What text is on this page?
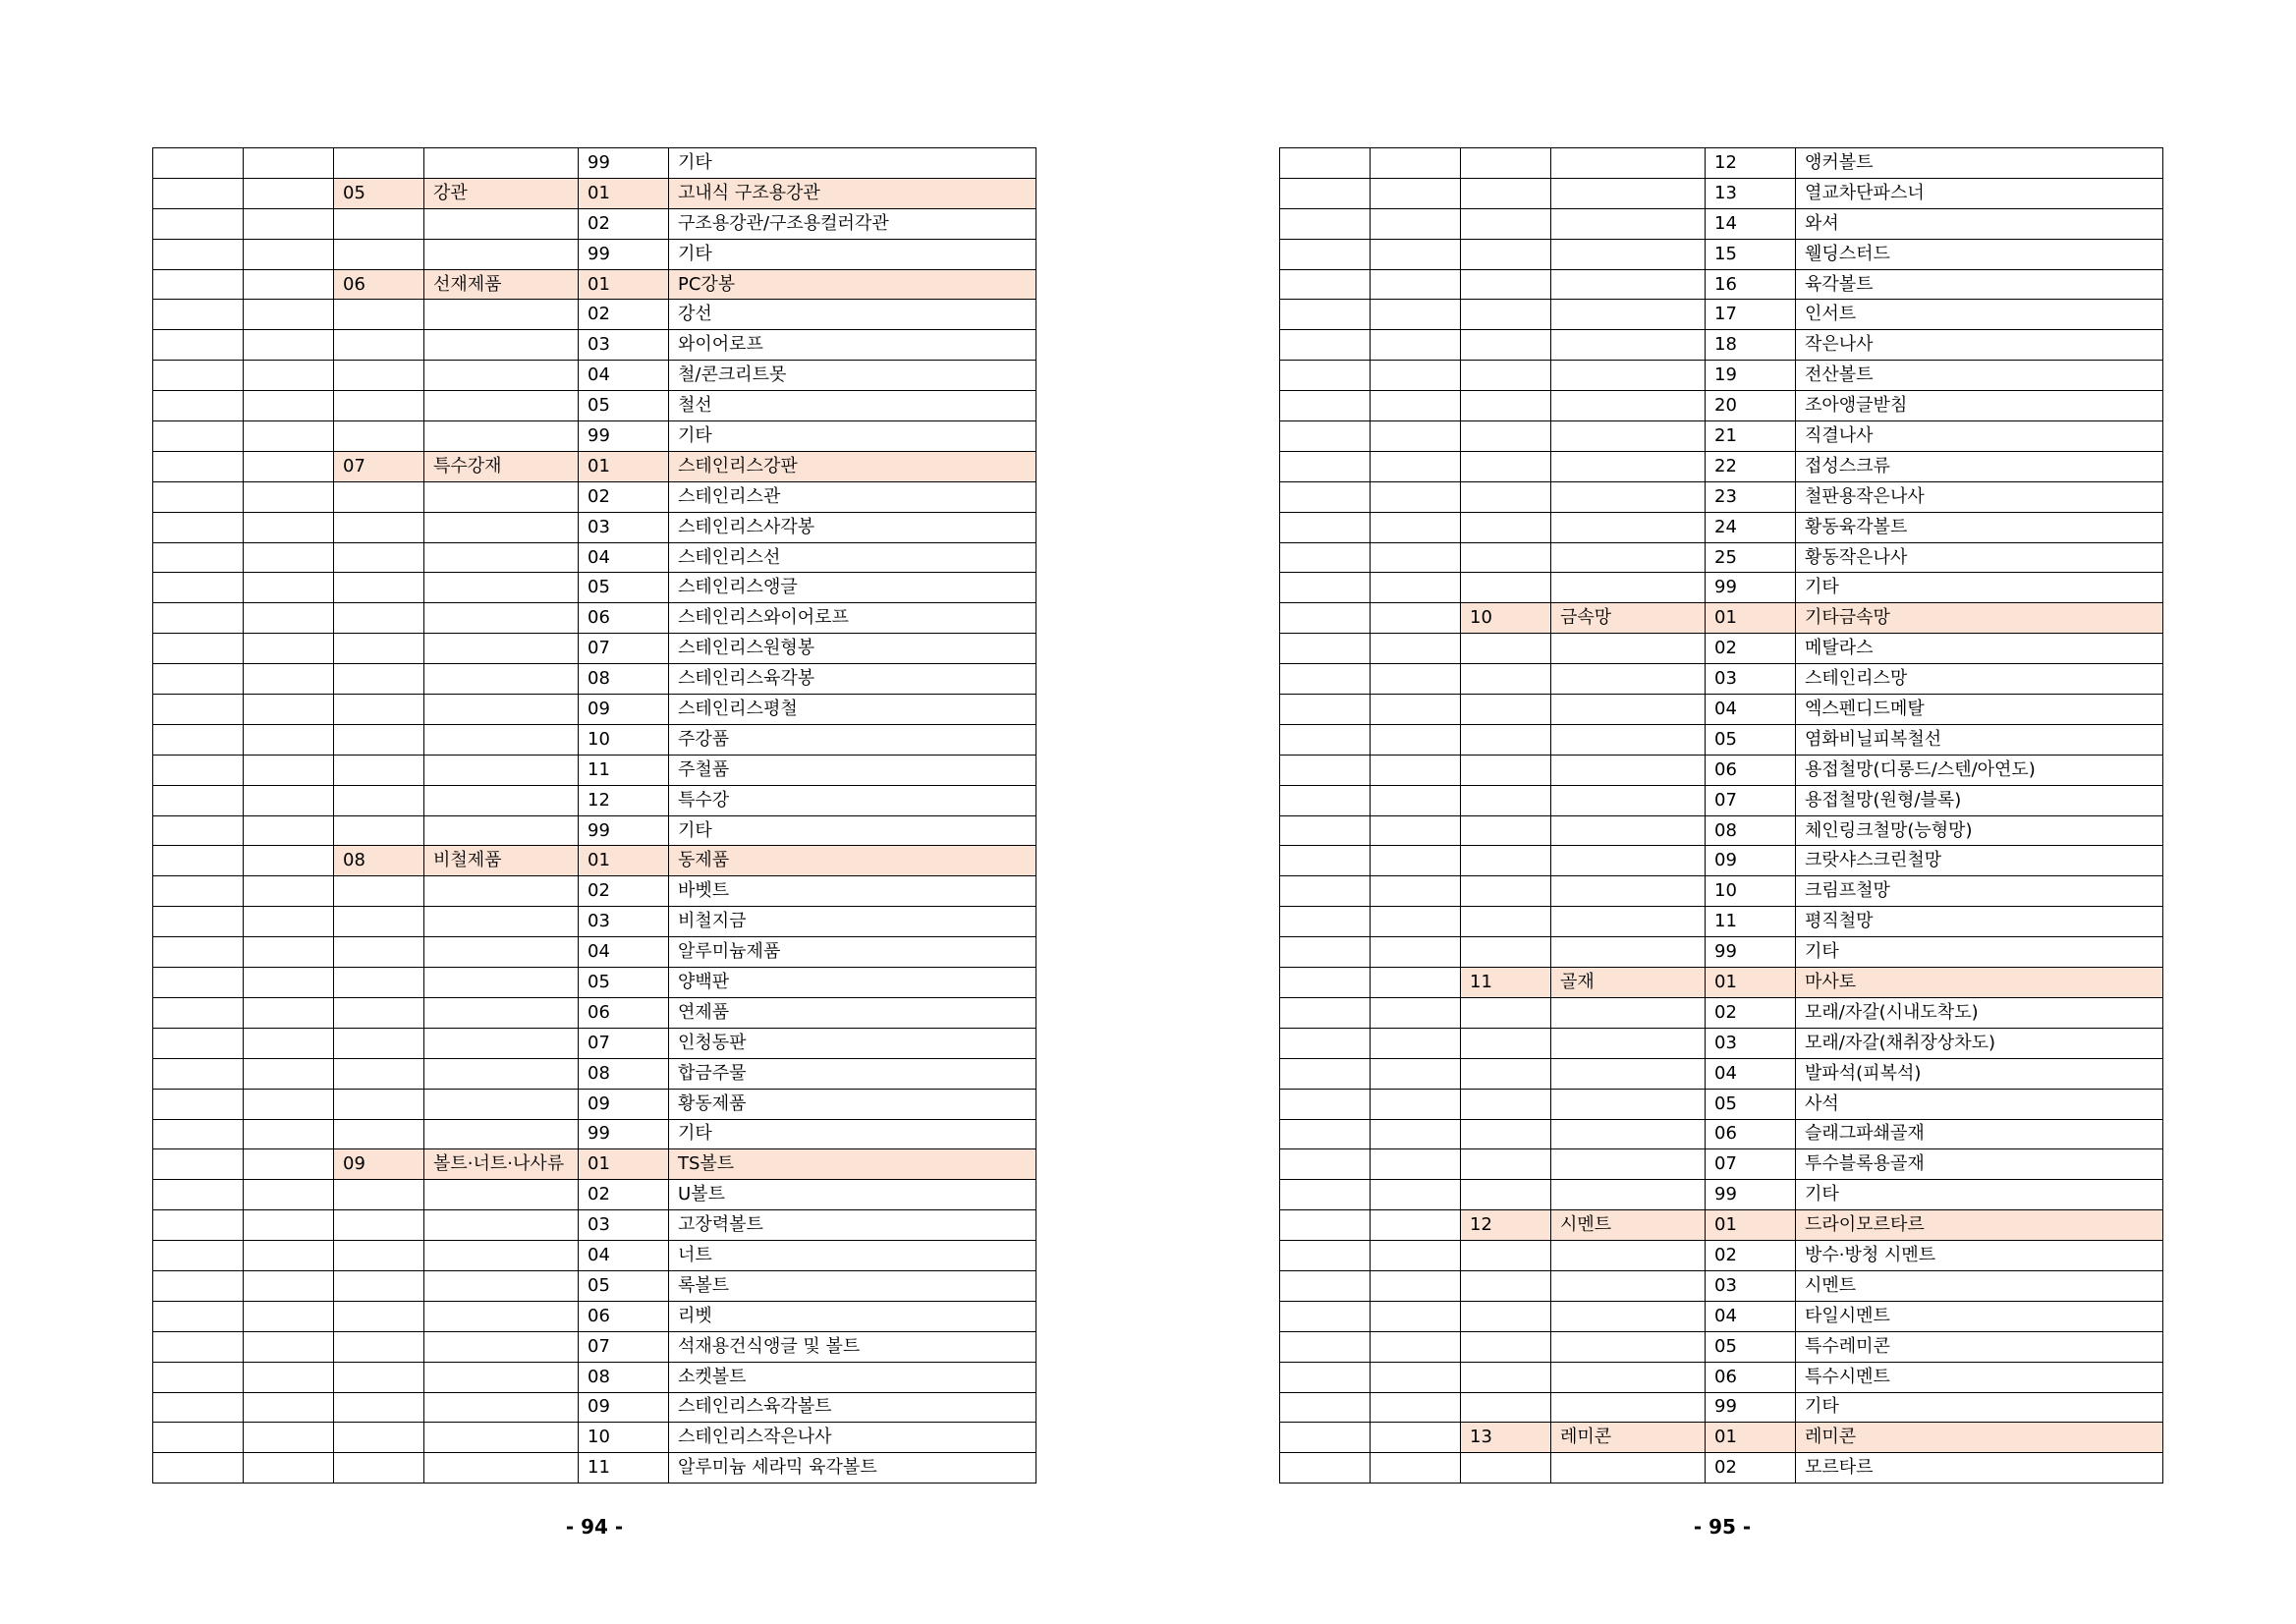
				99	기타
		05	강관	01	고내식 구조용강관
				02	구조용강관/구조용컬러각관
				99	기타
		06	선재제품	01	PC강봉
				02	강선
				03	와이어로프
				04	철/콘크리트못
				05	철선
				99	기타
		07	특수강재	01	스테인리스강판
				02	스테인리스관
				03	스테인리스사각봉
				04	스테인리스선
				05	스테인리스앵글
				06	스테인리스와이어로프
				07	스테인리스원형봉
				08	스테인리스육각봉
				09	스테인리스평철
				10	주강품
				11	주철품
				12	특수강
				99	기타
		08	비철제품	01	동제품
				02	바벳트
				03	비철지금
				04	알루미늄제품
				05	양백판
				06	연제품
				07	인청동판
				08	합금주물
				09	황동제품
				99	기타
		09	볼트·너트·나사류	01	TS볼트
				02	U볼트
				03	고장력볼트
				04	너트
				05	록볼트
				06	리벳
				07	석재용건식앵글 및 볼트
				08	소켓볼트
				09	스테인리스육각볼트
				10	스테인리스작은나사
				11	알루미늄 세라믹 육각볼트
- 94 -
				12	앵커볼트
				13	열교차단파스너
				14	와셔
				15	웰딩스터드
				16	육각볼트
				17	인서트
				18	작은나사
				19	전산볼트
				20	조아앵글받침
				21	직결나사
				22	접성스크류
				23	철판용작은나사
				24	황동육각볼트
				25	황동작은나사
				99	기타
		10	금속망	01	기타금속망
				02	메탈라스
				03	스테인리스망
				04	엑스펜디드메탈
				05	염화비닐피복철선
				06	용접철망(디롱드/스텐/아연도)
				07	용접철망(원형/블록)
				08	체인링크철망(능형망)
				09	크랏샤스크린철망
				10	크림프철망
				11	평직철망
				99	기타
		11	골재	01	마사토
				02	모래/자갈(시내도착도)
				03	모래/자갈(채취장상차도)
				04	발파석(피복석)
				05	사석
				06	슬래그파쇄골재
				07	투수블록용골재
				99	기타
		12	시멘트	01	드라이모르타르
				02	방수·방청 시멘트
				03	시멘트
				04	타일시멘트
				05	특수레미콘
				06	특수시멘트
				99	기타
		13	레미콘	01	레미콘
				02	모르타르
- 95 -
